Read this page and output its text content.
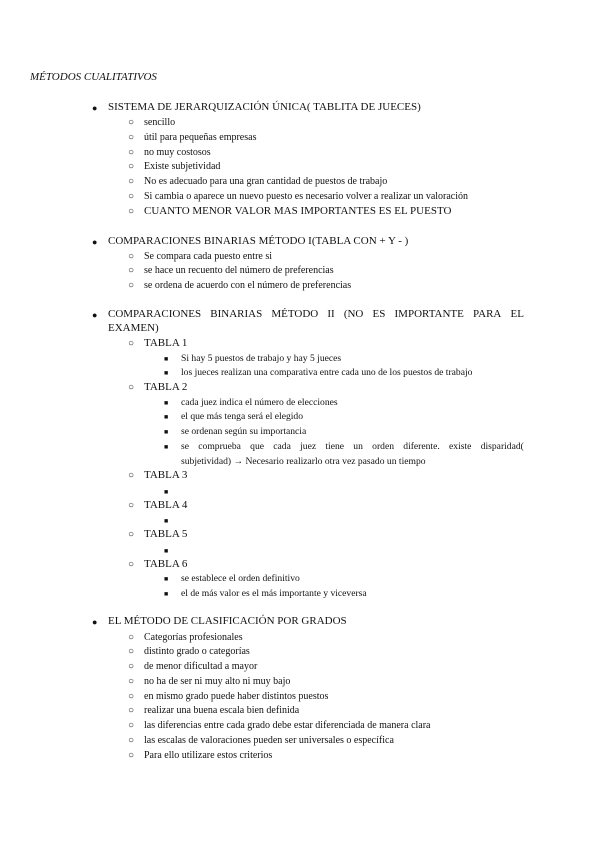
MÉTODOS CUALITATIVOS
● SISTEMA DE JERARQUIZACIÓN ÚNICA( TABLITA DE JUECES)
○ sencillo
○ útil para pequeñas empresas
○ no muy costosos
○ Existe subjetividad
○ No es adecuado para una gran cantidad de puestos de trabajo
○ Si cambia o aparece un nuevo puesto es necesario volver a realizar un valoración
○ CUANTO MENOR VALOR MAS IMPORTANTES ES EL PUESTO
● COMPARACIONES BINARIAS MÉTODO I(TABLA CON + Y - )
○ Se compara cada puesto entre si
○ se hace un recuento del número de preferencias
○ se ordena de acuerdo con el número de preferencias
● COMPARACIONES BINARIAS MÉTODO II (NO ES IMPORTANTE PARA EL
EXAMEN)
○ TABLA 1
■ Si hay 5 puestos de trabajo y hay 5 jueces
■ los jueces realizan una comparativa entre cada uno de los puestos de trabajo
○ TABLA 2
■ cada juez indica el número de elecciones
■ el que más tenga será el elegido
■ se ordenan según su importancia
■ se comprueba que cada juez tiene un orden diferente. existe disparidad(
subjetividad) → Necesario realizarlo otra vez pasado un tiempo
○ TABLA 3
■
○ TABLA 4
■
○ TABLA 5
■
○ TABLA 6
■ se establece el orden definitivo
■ el de más valor es el más importante y viceversa
● EL MÉTODO DE CLASIFICACIÓN POR GRADOS
○ Categorías profesionales
○ distinto grado o categorías
○ de menor dificultad a mayor
○ no ha de ser ni muy alto ni muy bajo
○ en mismo grado puede haber distintos puestos
○ realizar una buena escala bien definida
○ las diferencias entre cada grado debe estar diferenciada de manera clara
○ las escalas de valoraciones pueden ser universales o específica
○ Para ello utilizare estos criterios
